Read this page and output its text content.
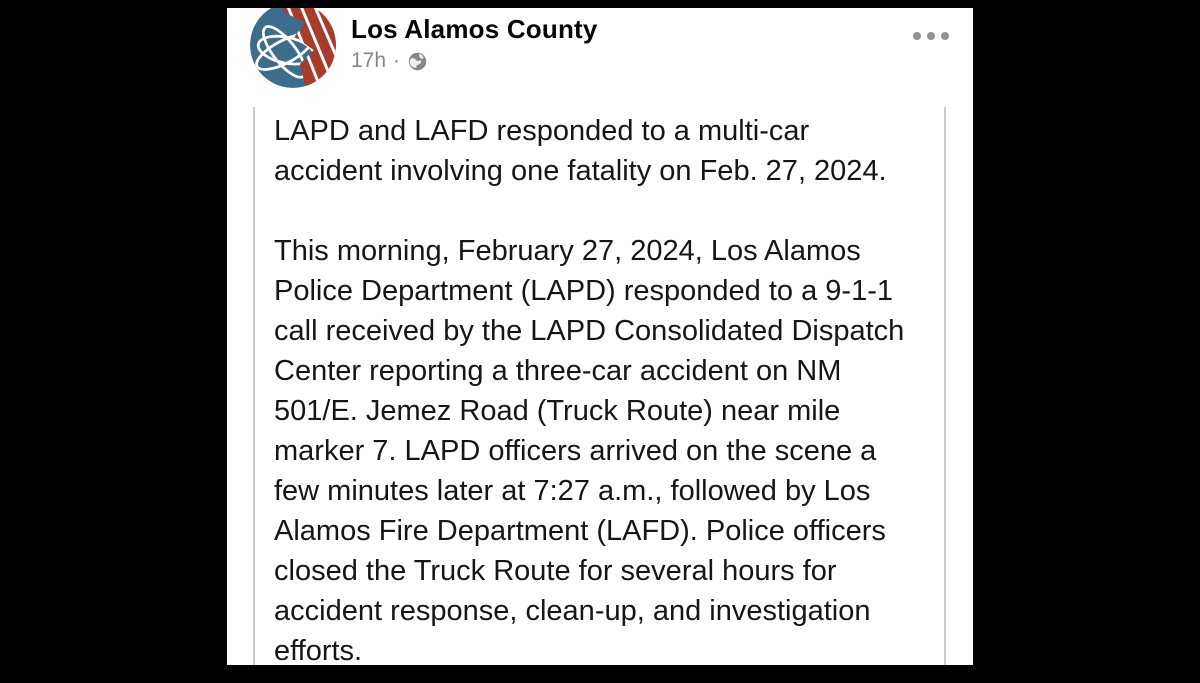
Los Alamos County
17h ·

LAPD and LAFD responded to a multi-car accident involving one fatality on Feb. 27, 2024.

This morning, February 27, 2024, Los Alamos Police Department (LAPD) responded to a 9-1-1 call received by the LAPD Consolidated Dispatch Center reporting a three-car accident on NM 501/E. Jemez Road (Truck Route) near mile marker 7. LAPD officers arrived on the scene a few minutes later at 7:27 a.m., followed by Los Alamos Fire Department (LAFD). Police officers closed the Truck Route for several hours for accident response, clean-up, and investigation efforts.
